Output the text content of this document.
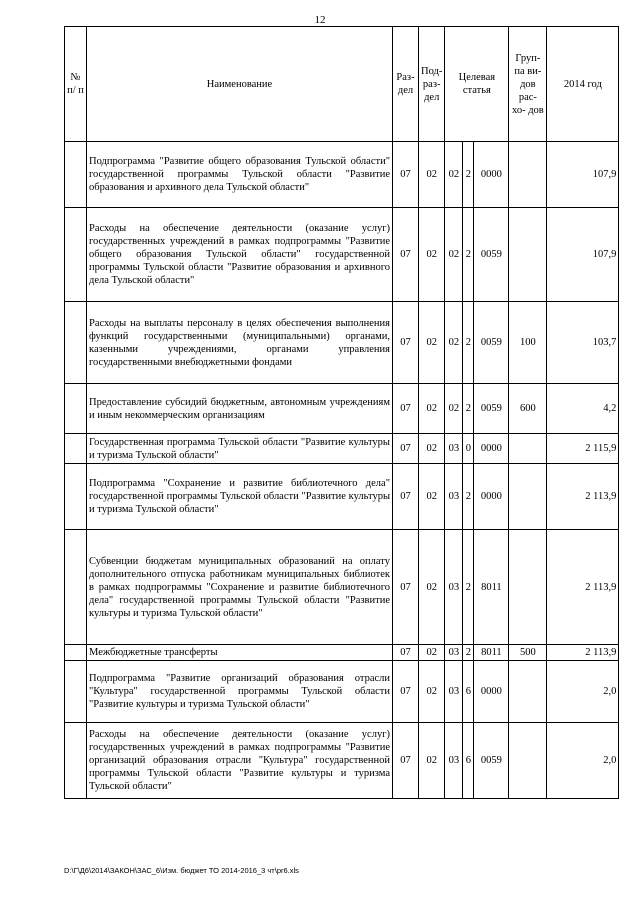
12
№ п/ п	Наименование	Раз- дел	Под- раз- дел	Целевая статья			Груп- па ви- дов рас- хо- дов	2014 год
	Подпрограмма "Развитие общего образования Тульской области" государственной программы Тульской области "Развитие образования и архивного дела Тульской области"	07	02	02	2	0000		107,9
	Расходы на обеспечение деятельности (оказание услуг) государственных учреждений в рамках подпрограммы "Развитие общего образования Тульской области" государственной программы Тульской области "Развитие образования и архивного дела Тульской области"	07	02	02	2	0059		107,9
	Расходы на выплаты персоналу в целях обеспечения выполнения функций государственными (муниципальными) органами, казенными учреждениями, органами управления государственными внебюджетными фондами	07	02	02	2	0059	100	103,7
	Предоставление субсидий бюджетным, автономным учреждениям и иным некоммерческим организациям	07	02	02	2	0059	600	4,2
	Государственная программа Тульской области "Развитие культуры и туризма Тульской области"	07	02	03	0	0000		2 115,9
	Подпрограмма "Сохранение и развитие библиотечного дела" государственной программы Тульской области "Развитие культуры и туризма Тульской области"	07	02	03	2	0000		2 113,9
	Субвенции бюджетам муниципальных образований на оплату дополнительного отпуска работникам муниципальных библиотек в рамках подпрограммы "Сохранение и развитие библиотечного дела" государственной программы Тульской области "Развитие культуры и туризма Тульской области"	07	02	03	2	8011		2 113,9
	Межбюджетные трансферты	07	02	03	2	8011	500	2 113,9
	Подпрограмма "Развитие организаций образования отрасли "Культура" государственной программы Тульской области "Развитие культуры и туризма Тульской области"	07	02	03	6	0000		2,0
	Расходы на обеспечение деятельности (оказание услуг) государственных учреждений в рамках подпрограммы "Развитие организаций образования отрасли "Культура" государственной программы Тульской области "Развитие культуры и туризма Тульской области"	07	02	03	6	0059		2,0
D:\Г\Д6\2014\ЗАКОН\ЗАС_6\Изм. бюджет ТО 2014-2016_3 чт\pr6.xls
